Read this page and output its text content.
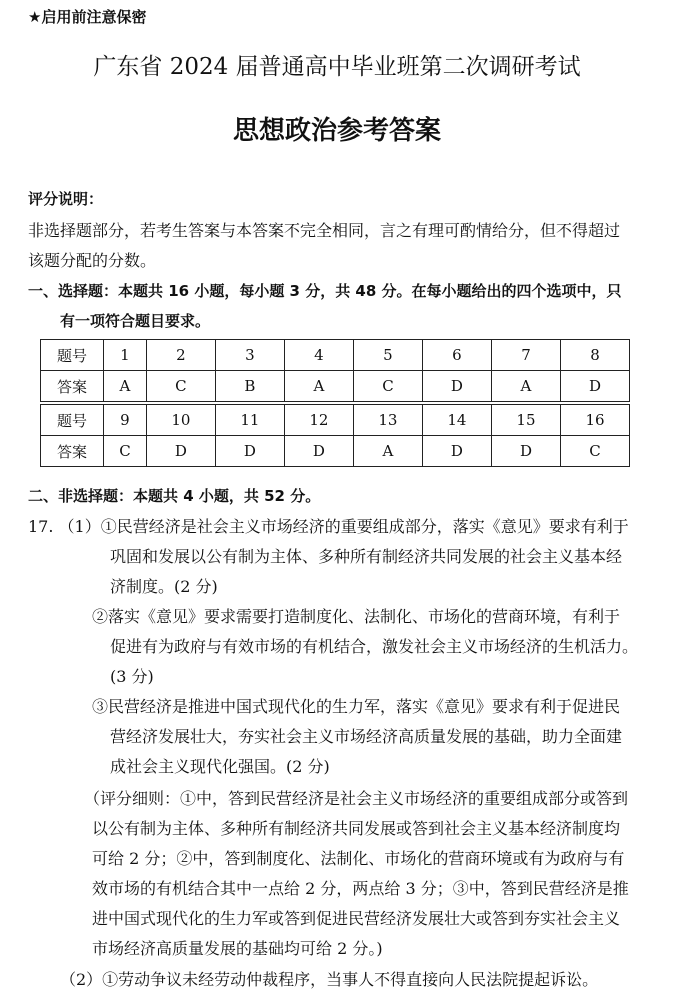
★启用前注意保密
广东省 2024 届普通高中毕业班第二次调研考试
思想政治参考答案
评分说明：
非选择题部分，若考生答案与本答案不完全相同，言之有理可酌情给分，但不得超过
该题分配的分数。
一、选择题：本题共 16 小题，每小题 3 分，共 48 分。在每小题给出的四个选项中，只
有一项符合题目要求。
题号	1	2	3	4	5	6	7	8
答案	A	C	B	A	C	D	A	D

题号	9	10	11	12	13	14	15	16
答案	C	D	D	D	A	D	D	C
二、非选择题：本题共 4 小题，共 52 分。
17. （1）①民营经济是社会主义市场经济的重要组成部分，落实《意见》要求有利于
巩固和发展以公有制为主体、多种所有制经济共同发展的社会主义基本经
济制度。(2 分)
②落实《意见》要求需要打造制度化、法制化、市场化的营商环境，有利于
促进有为政府与有效市场的有机结合，激发社会主义市场经济的生机活力。
(3 分)
③民营经济是推进中国式现代化的生力军，落实《意见》要求有利于促进民
营经济发展壮大，夯实社会主义市场经济高质量发展的基础，助力全面建
成社会主义现代化强国。(2 分)
（评分细则：①中，答到民营经济是社会主义市场经济的重要组成部分或答到
以公有制为主体、多种所有制经济共同发展或答到社会主义基本经济制度均
可给 2 分；②中，答到制度化、法制化、市场化的营商环境或有为政府与有
效市场的有机结合其中一点给 2 分，两点给 3 分；③中，答到民营经济是推
进中国式现代化的生力军或答到促进民营经济发展壮大或答到夯实社会主义
市场经济高质量发展的基础均可给 2 分。)
（2）①劳动争议未经劳动仲裁程序，当事人不得直接向人民法院提起诉讼。
